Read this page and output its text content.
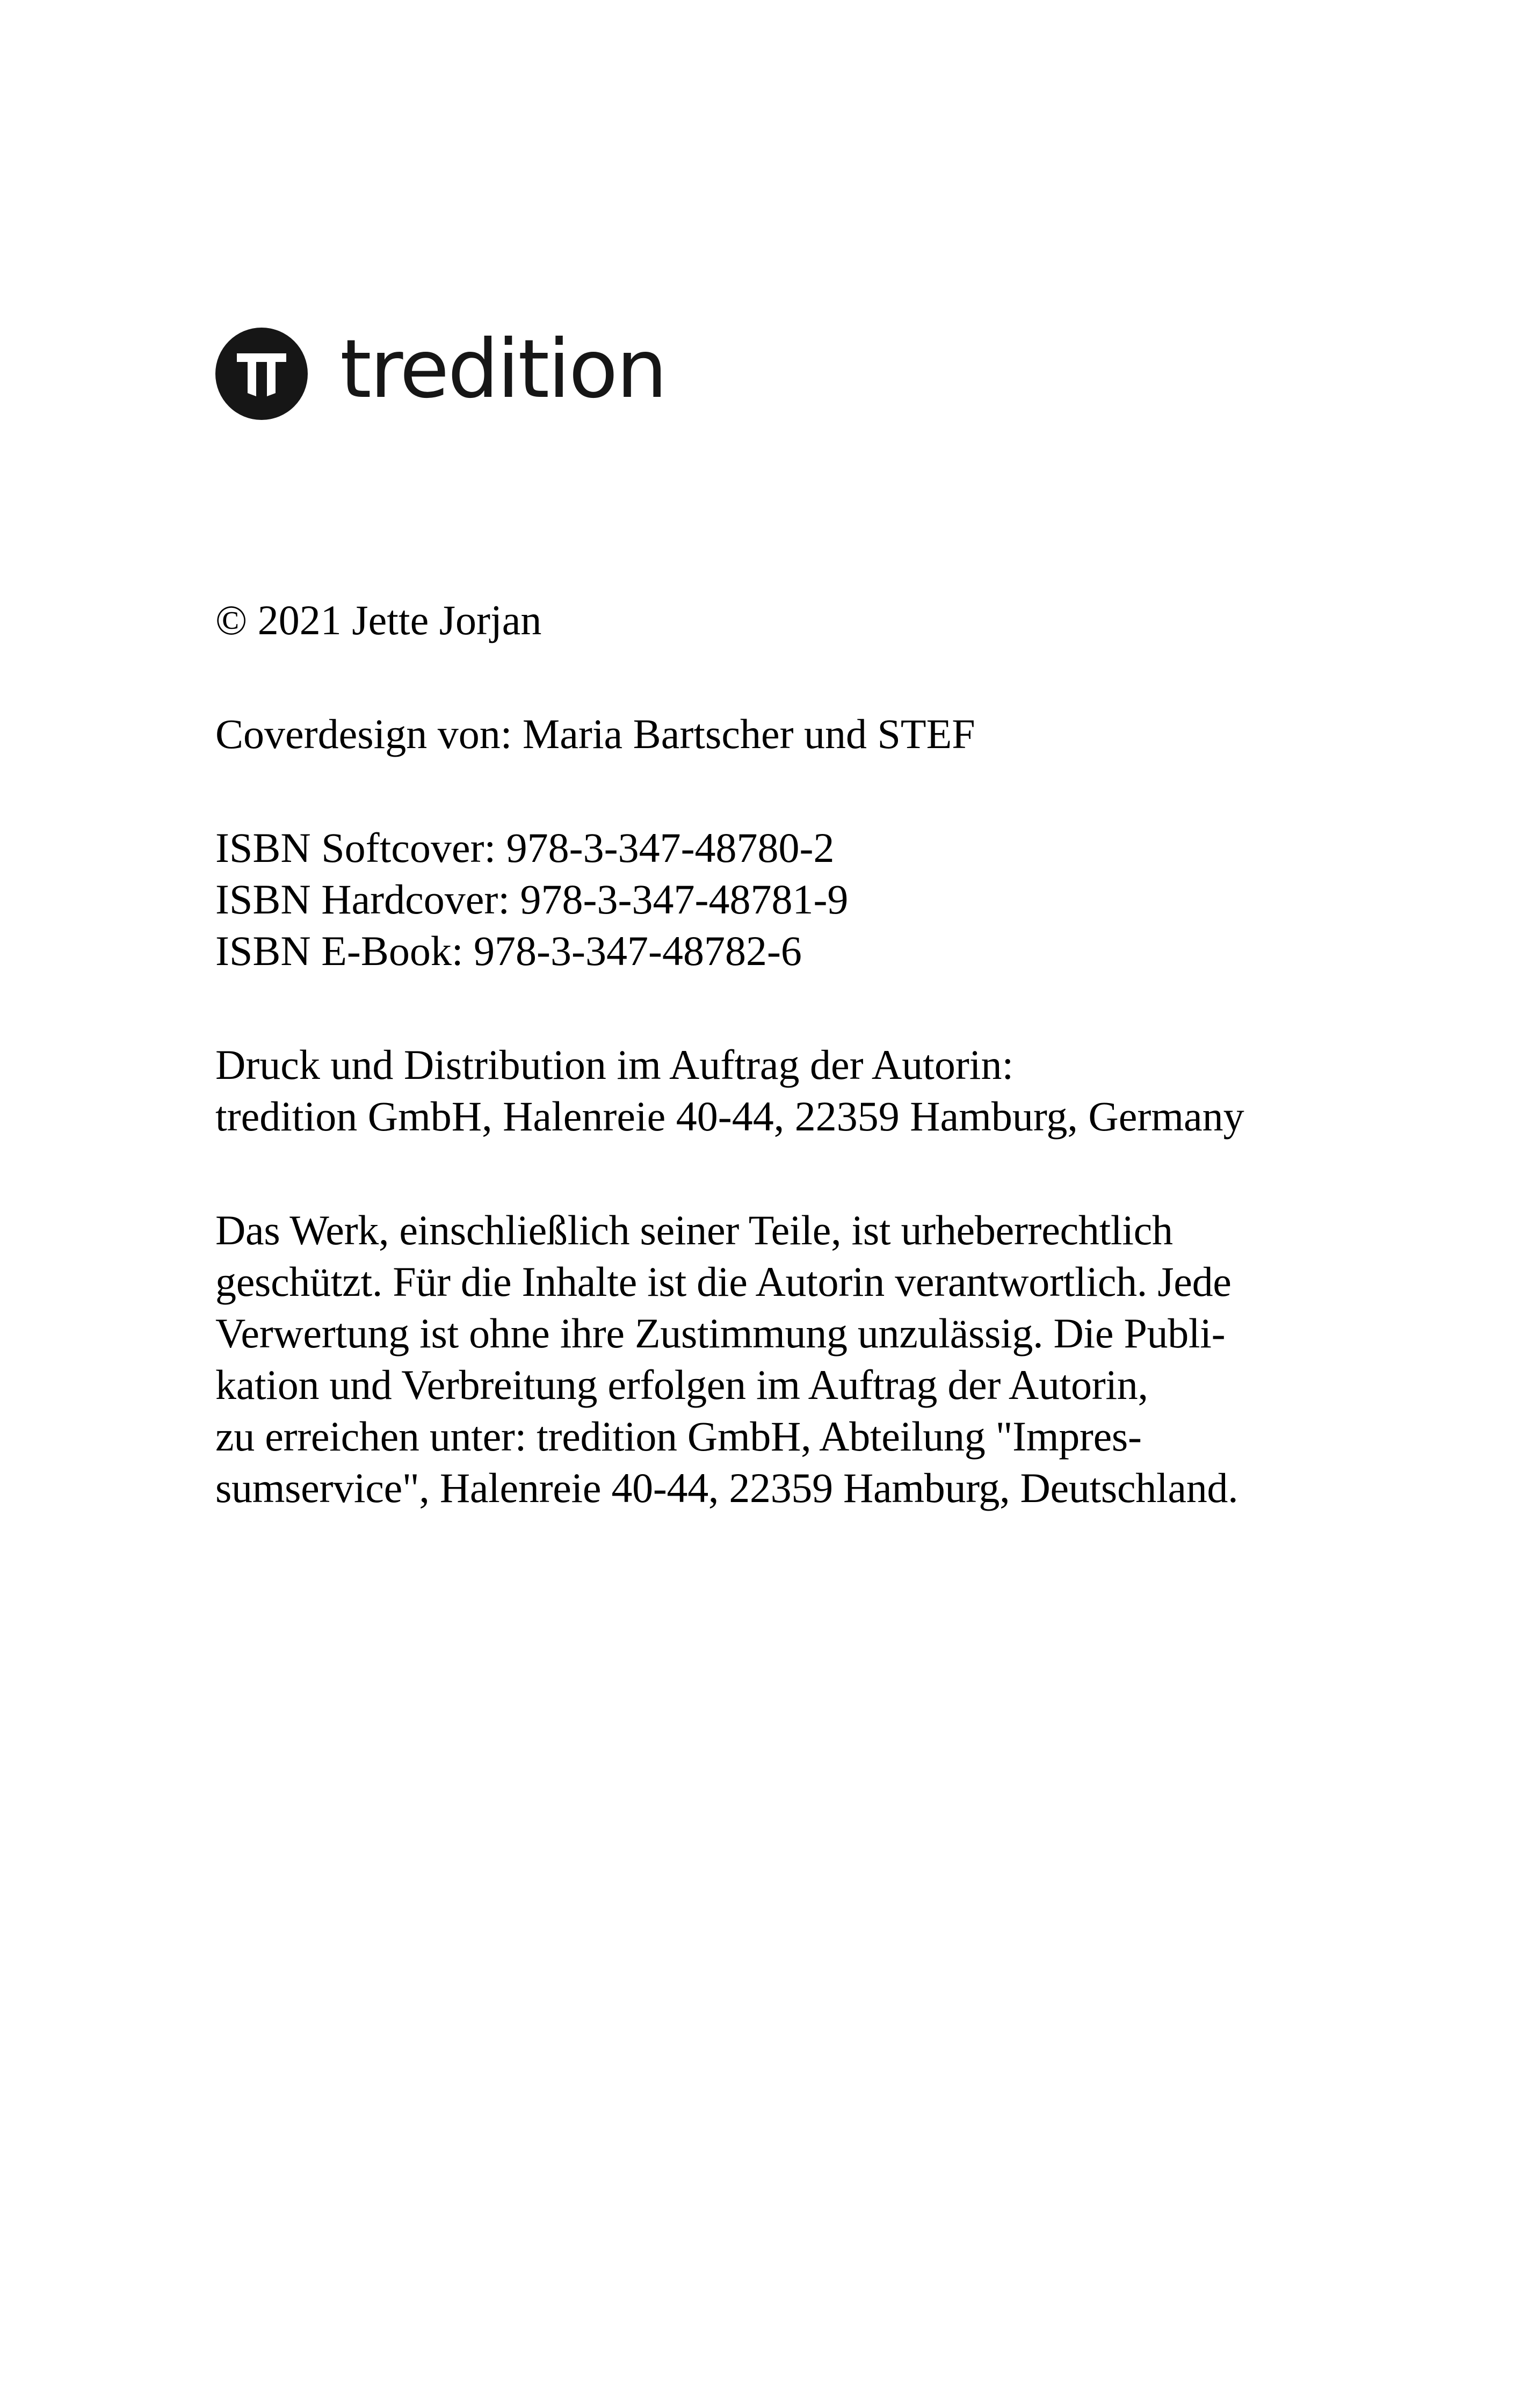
tredition
© 2021 Jette Jorjan
Coverdesign von: Maria Bartscher und STEF
ISBN Softcover: 978-3-347-48780-2
ISBN Hardcover: 978-3-347-48781-9
ISBN E-Book: 978-3-347-48782-6
Druck und Distribution im Auftrag der Autorin:
tredition GmbH, Halenreie 40-44, 22359 Hamburg, Germany
Das Werk, einschließlich seiner Teile, ist urheberrechtlich
geschützt. Für die Inhalte ist die Autorin verantwortlich. Jede
Verwertung ist ohne ihre Zustimmung unzulässig. Die Publi-
kation und Verbreitung erfolgen im Auftrag der Autorin,
zu erreichen unter: tredition GmbH, Abteilung "Impres-
sumservice", Halenreie 40-44, 22359 Hamburg, Deutschland.
